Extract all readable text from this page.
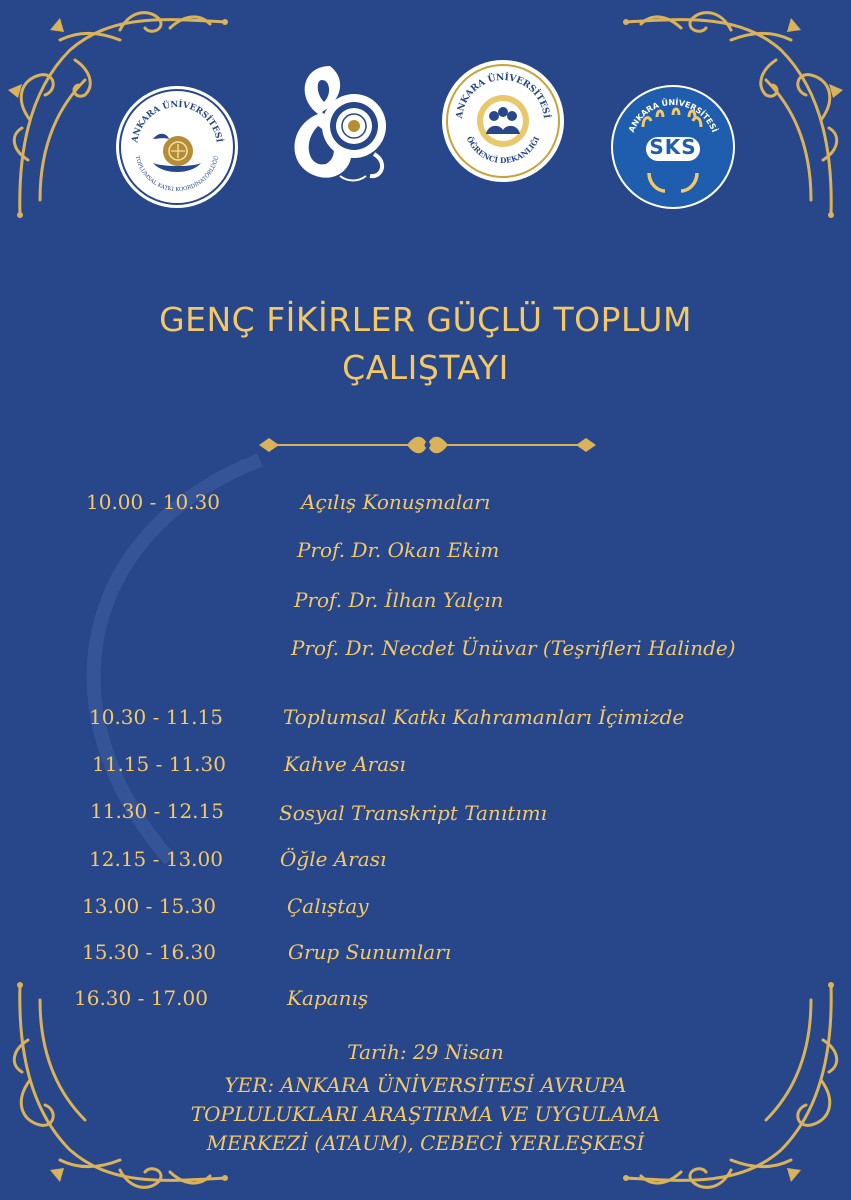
ANKARA ÜNİVERSİTESİ
TOPLUMSAL KATKI KOORDİNATÖRLÜĞÜ
ANKARA ÜNİVERSİTESİ
ÖĞRENCİ DEKANLIĞI
ANKARA ÜNİVERSİTESİ
SKS
GENÇ FİKİRLER GÜÇLÜ TOPLUM
ÇALIŞTAYI
10.00 - 10.30	Açılış Konuşmaları
Prof. Dr. Okan Ekim
Prof. Dr. İlhan Yalçın
Prof. Dr. Necdet Ünüvar (Teşrifleri Halinde)
10.30 - 11.15	Toplumsal Katkı Kahramanları İçimizde
11.15 - 11.30	Kahve Arası
11.30 - 12.15	Sosyal Transkript Tanıtımı
12.15 - 13.00	Öğle Arası
13.00 - 15.30	Çalıştay
15.30 - 16.30	Grup Sunumları
16.30 - 17.00	Kapanış
Tarih: 29 Nisan
YER: ANKARA ÜNİVERSİTESİ AVRUPA
TOPLULUKLARI ARAŞTIRMA VE UYGULAMA
MERKEZİ (ATAUM), CEBECİ YERLEŞKESİ
